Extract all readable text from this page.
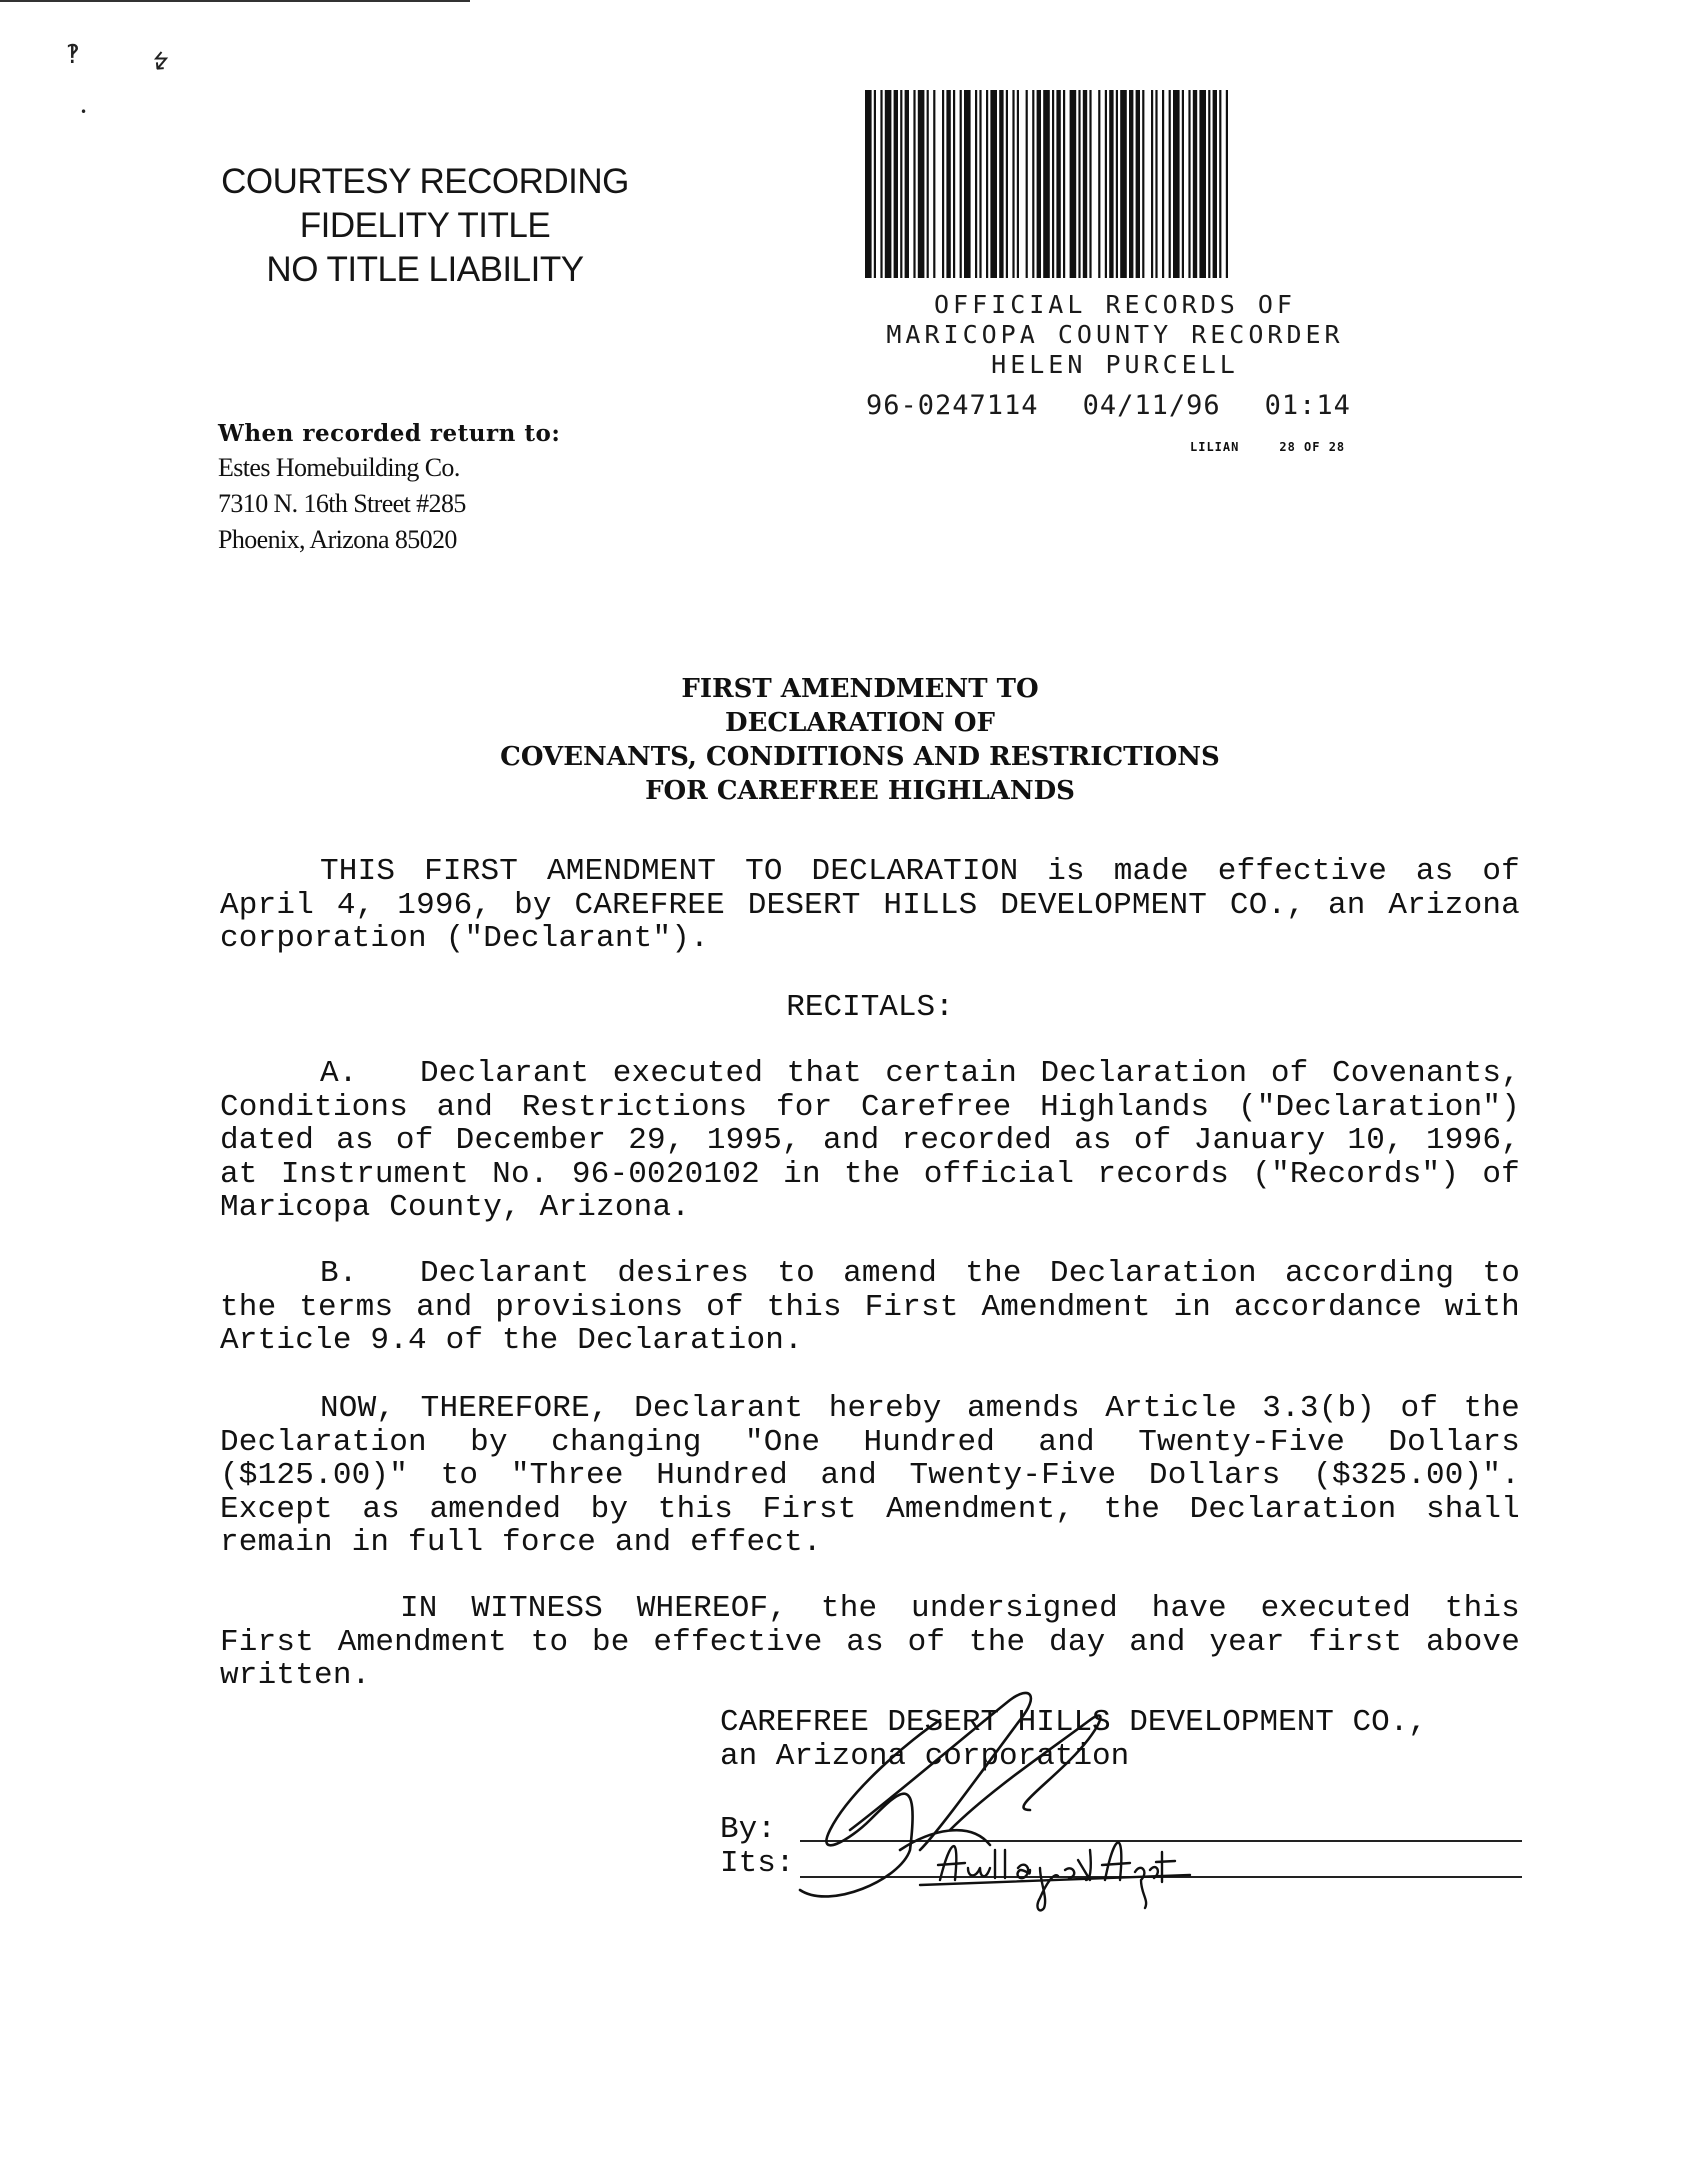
‽	↯
•
COURTESY RECORDING
FIDELITY TITLE
NO TITLE LIABILITY
OFFICIAL RECORDS OF
MARICOPA COUNTY RECORDER
HELEN PURCELL
96-0247114 04/11/96 01:14
LILIAN	28 OF 28
When recorded return to:
Estes Homebuilding Co.
7310 N. 16th Street #285
Phoenix, Arizona 85020
FIRST AMENDMENT TO
DECLARATION OF
COVENANTS, CONDITIONS AND RESTRICTIONS
FOR CAREFREE HIGHLANDS
THIS FIRST AMENDMENT TO DECLARATION is made effective as of April 4, 1996, by CAREFREE DESERT HILLS DEVELOPMENT CO., an Arizona corporation ("Declarant").
RECITALS:
A. Declarant executed that certain Declaration of Covenants, Conditions and Restrictions for Carefree Highlands ("Declaration") dated as of December 29, 1995, and recorded as of January 10, 1996, at Instrument No. 96-0020102 in the official records ("Records") of Maricopa County, Arizona.
B. Declarant desires to amend the Declaration according to the terms and provisions of this First Amendment in accordance with Article 9.4 of the Declaration.
NOW, THEREFORE, Declarant hereby amends Article 3.3(b) of the Declaration by changing "One Hundred and Twenty-Five Dollars ($125.00)" to "Three Hundred and Twenty-Five Dollars ($325.00)". Except as amended by this First Amendment, the Declaration shall remain in full force and effect.
IN WITNESS WHEREOF, the undersigned have executed this First Amendment to be effective as of the day and year first above written.
CAREFREE DESERT HILLS DEVELOPMENT CO.,
an Arizona corporation
By:
Its:
